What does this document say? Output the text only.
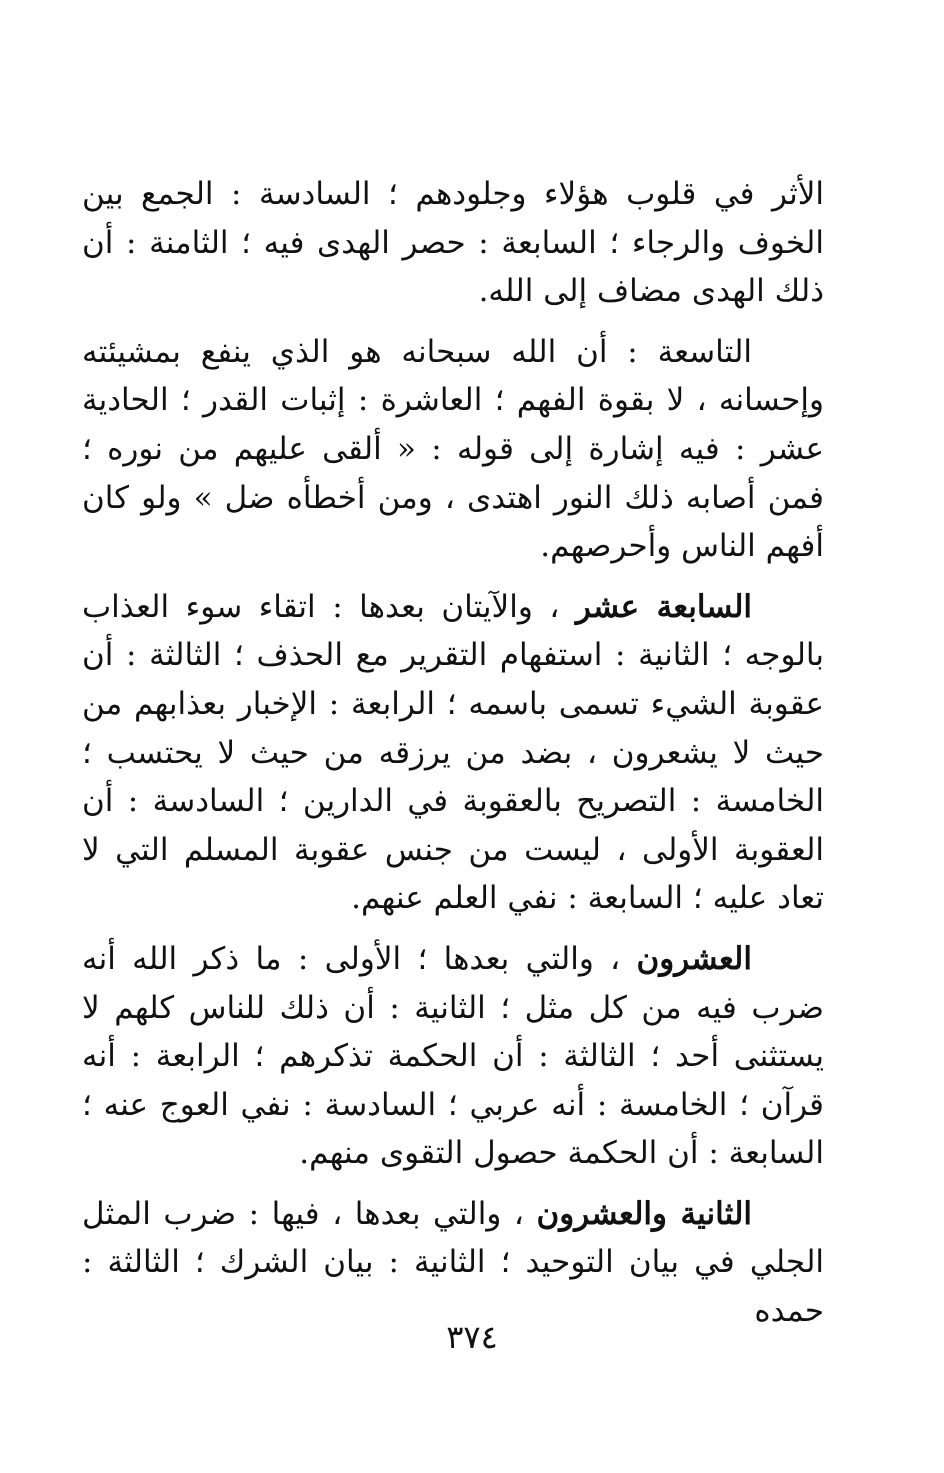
الأثر في قلوب هؤلاء وجلودهم ؛ السادسة : الجمع بين الخوف والرجاء ؛ السابعة : حصر الهدى فيه ؛ الثامنة : أن ذلك الهدى مضاف إلى الله.

التاسعة : أن الله سبحانه هو الذي ينفع بمشيئته وإحسانه ، لا بقوة الفهم ؛ العاشرة : إثبات القدر ؛ الحادية عشر : فيه إشارة إلى قوله : « ألقى عليهم من نوره ؛ فمن أصابه ذلك النور اهتدى ، ومن أخطأه ضل » ولو كان أفهم الناس وأحرصهم.

السابعة عشر ، والآيتان بعدها : اتقاء سوء العذاب بالوجه ؛ الثانية : استفهام التقرير مع الحذف ؛ الثالثة : أن عقوبة الشيء تسمى باسمه ؛ الرابعة : الإخبار بعذابهم من حيث لا يشعرون ، بضد من يرزقه من حيث لا يحتسب ؛ الخامسة : التصريح بالعقوبة في الدارين ؛ السادسة : أن العقوبة الأولى ، ليست من جنس عقوبة المسلم التي لا تعاد عليه ؛ السابعة : نفي العلم عنهم.

العشرون ، والتي بعدها ؛ الأولى : ما ذكر الله أنه ضرب فيه من كل مثل ؛ الثانية : أن ذلك للناس كلهم لا يستثنى أحد ؛ الثالثة : أن الحكمة تذكرهم ؛ الرابعة : أنه قرآن ؛ الخامسة : أنه عربي ؛ السادسة : نفي العوج عنه ؛ السابعة : أن الحكمة حصول التقوى منهم.

الثانية والعشرون ، والتي بعدها ، فيها : ضرب المثل الجلي في بيان التوحيد ؛ الثانية : بيان الشرك ؛ الثالثة : حمده

٣٧٤
